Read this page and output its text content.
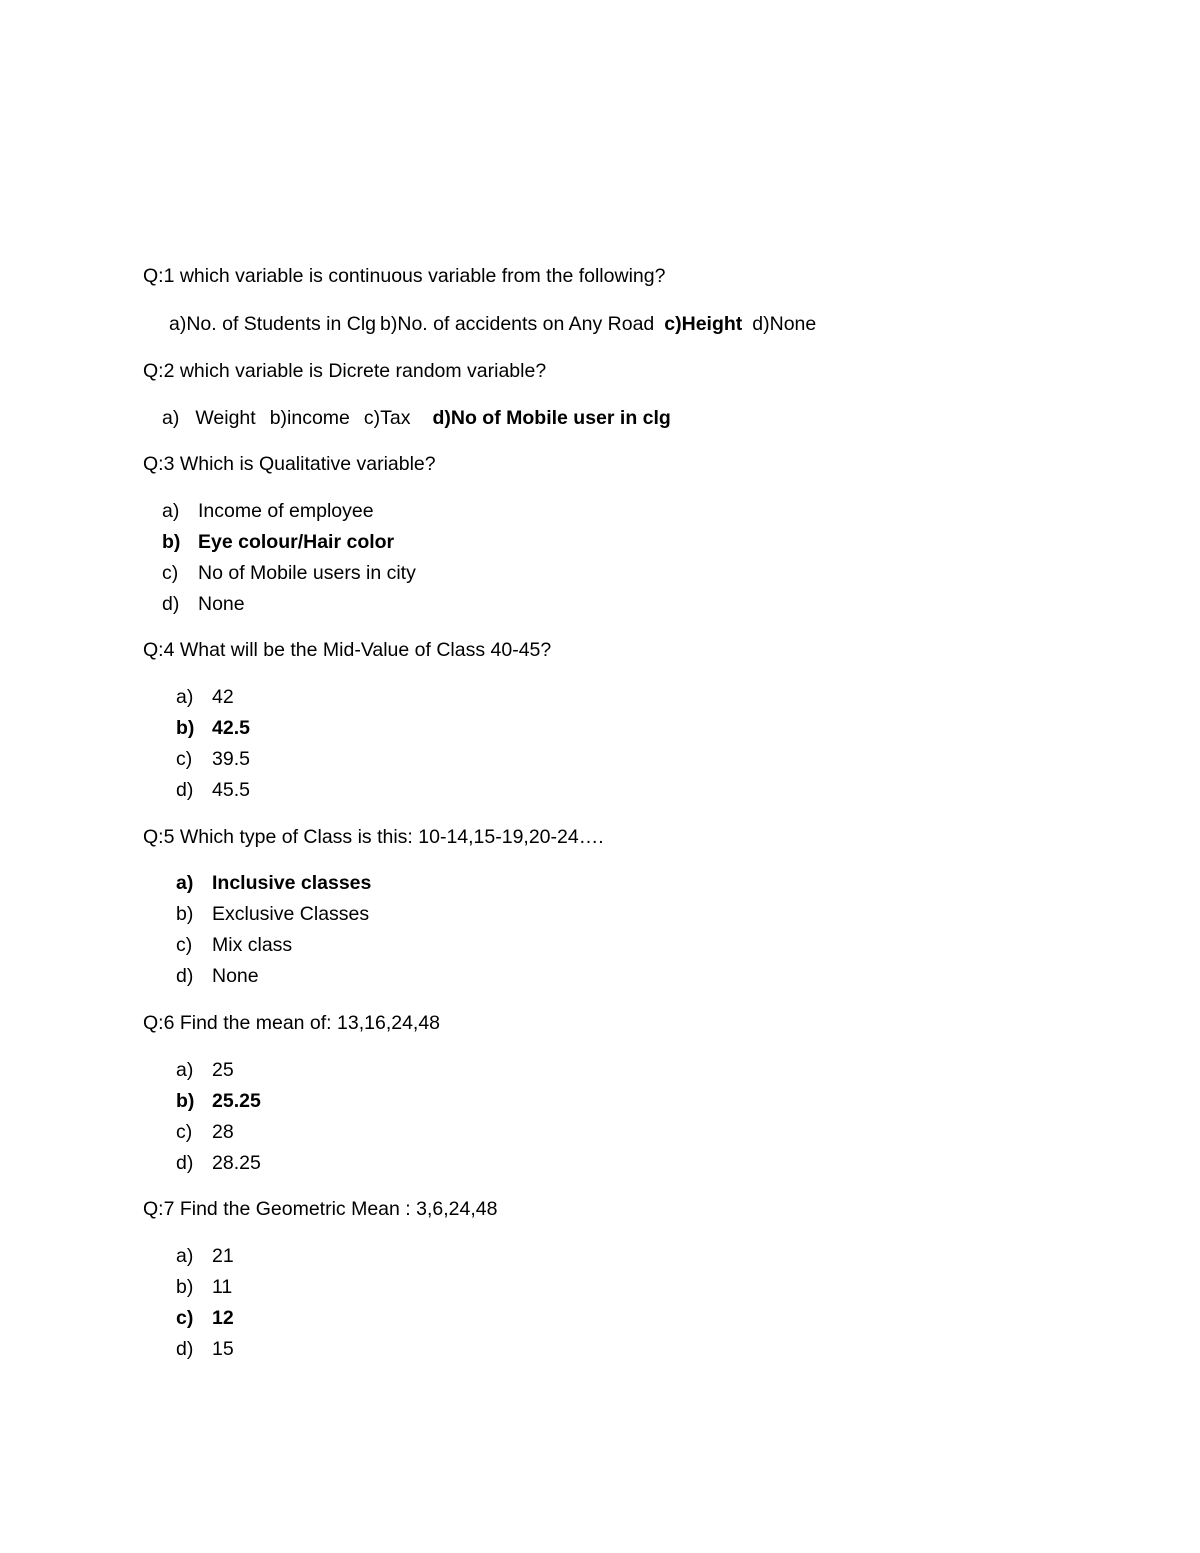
Q:1 which variable is continuous variable from the following?
a)No. of Students in Clg b)No. of accidents on Any Road c)Height d)None
Q:2 which variable is Dicrete random variable?
a) Weight b)income c)Tax d)No of Mobile user in clg
Q:3 Which is Qualitative variable?
a) Income of employee
b) Eye colour/Hair color
c) No of Mobile users in city
d) None
Q:4 What will be the Mid-Value of Class 40-45?
a) 42
b) 42.5
c) 39.5
d) 45.5
Q:5 Which type of Class is this: 10-14,15-19,20-24….
a) Inclusive classes
b) Exclusive Classes
c) Mix class
d) None
Q:6 Find the mean of: 13,16,24,48
a) 25
b) 25.25
c) 28
d) 28.25
Q:7 Find the Geometric Mean : 3,6,24,48
a) 21
b) 11
c) 12
d) 15
